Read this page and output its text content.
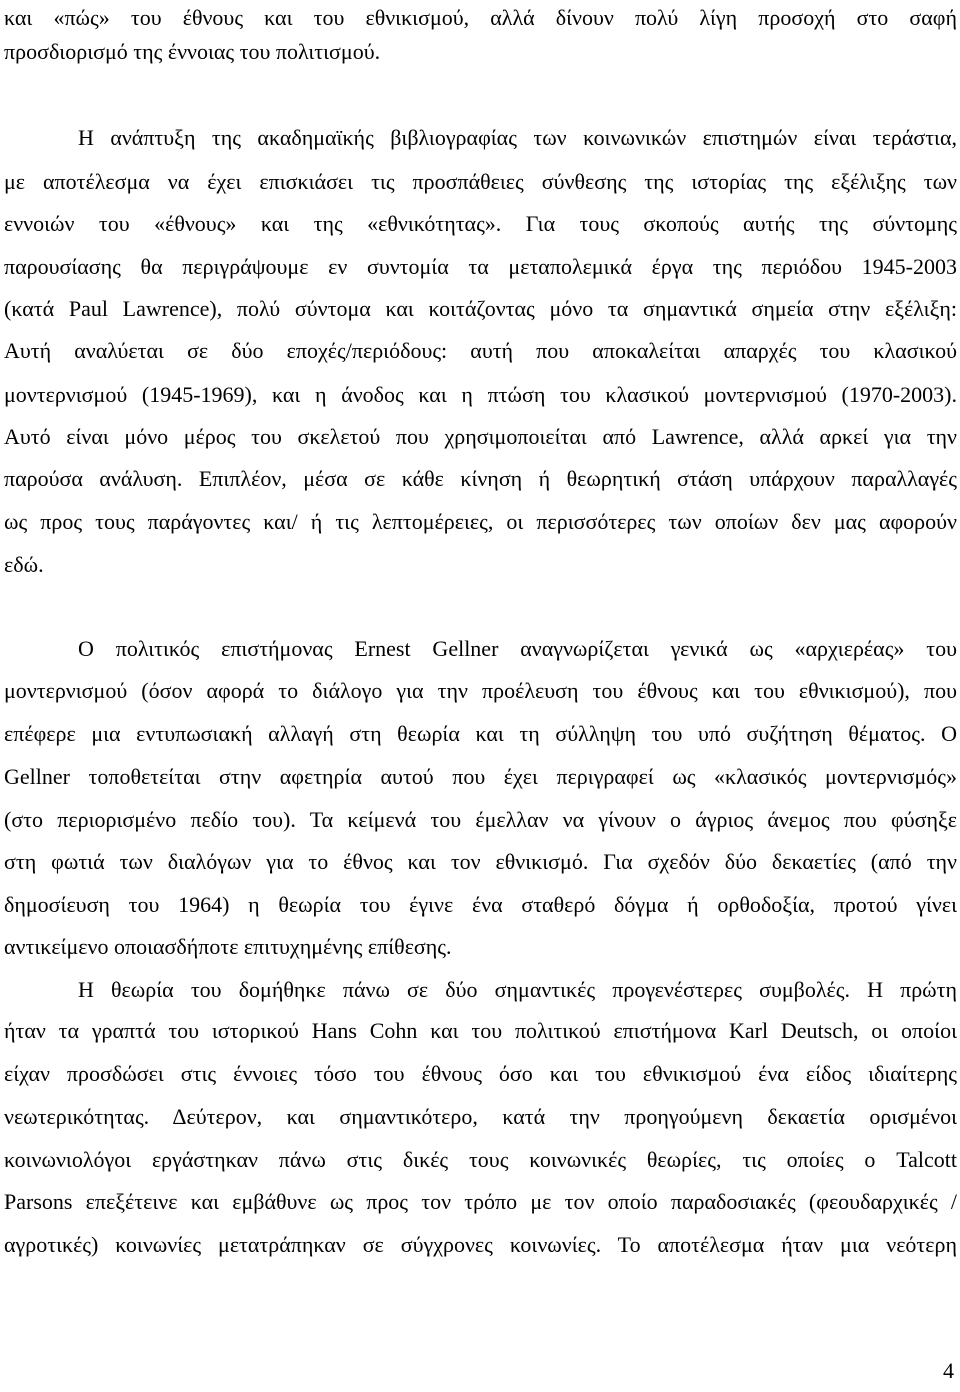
και «πώς» του έθνους και του εθνικισμού, αλλά δίνουν πολύ λίγη προσοχή στο σαφή
προσδιορισμό της έννοιας του πολιτισμού.
Η ανάπτυξη της ακαδημαϊκής βιβλιογραφίας των κοινωνικών επιστημών είναι τεράστια,
με αποτέλεσμα να έχει επισκιάσει τις προσπάθειες σύνθεσης της ιστορίας της εξέλιξης των
εννοιών του «έθνους» και της «εθνικότητας». Για τους σκοπούς αυτής της σύντομης
παρουσίασης θα περιγράψουμε εν συντομία τα μεταπολεμικά έργα της περιόδου 1945-2003
(κατά Paul Lawrence), πολύ σύντομα και κοιτάζοντας μόνο τα σημαντικά σημεία στην εξέλιξη:
Αυτή αναλύεται σε δύο εποχές/περιόδους: αυτή που αποκαλείται απαρχές του κλασικού
μοντερνισμού (1945-1969), και η άνοδος και η πτώση του κλασικού μοντερνισμού (1970-2003).
Αυτό είναι μόνο μέρος του σκελετού που χρησιμοποιείται από Lawrence, αλλά αρκεί για την
παρούσα ανάλυση. Επιπλέον, μέσα σε κάθε κίνηση ή θεωρητική στάση υπάρχουν παραλλαγές
ως προς τους παράγοντες και/ ή τις λεπτομέρειες, οι περισσότερες των οποίων δεν μας αφορούν
εδώ.
Ο πολιτικός επιστήμονας Ernest Gellner αναγνωρίζεται γενικά ως «αρχιερέας» του
μοντερνισμού (όσον αφορά το διάλογο για την προέλευση του έθνους και του εθνικισμού), που
επέφερε μια εντυπωσιακή αλλαγή στη θεωρία και τη σύλληψη του υπό συζήτηση θέματος. Ο
Gellner τοποθετείται στην αφετηρία αυτού που έχει περιγραφεί ως «κλασικός μοντερνισμός»
(στο περιορισμένο πεδίο του). Τα κείμενά του έμελλαν να γίνουν ο άγριος άνεμος που φύσηξε
στη φωτιά των διαλόγων για το έθνος και τον εθνικισμό. Για σχεδόν δύο δεκαετίες (από την
δημοσίευση του 1964) η θεωρία του έγινε ένα σταθερό δόγμα ή ορθοδοξία, προτού γίνει
αντικείμενο οποιασδήποτε επιτυχημένης επίθεσης.
Η θεωρία του δομήθηκε πάνω σε δύο σημαντικές προγενέστερες συμβολές. Η πρώτη
ήταν τα γραπτά του ιστορικού Hans Cohn και του πολιτικού επιστήμονα Karl Deutsch, οι οποίοι
είχαν προσδώσει στις έννοιες τόσο του έθνους όσο και του εθνικισμού ένα είδος ιδιαίτερης
νεωτερικότητας. Δεύτερον, και σημαντικότερο, κατά την προηγούμενη δεκαετία ορισμένοι
κοινωνιολόγοι εργάστηκαν πάνω στις δικές τους κοινωνικές θεωρίες, τις οποίες ο Talcott
Parsons επεξέτεινε και εμβάθυνε ως προς τον τρόπο με τον οποίο παραδοσιακές (φεουδαρχικές /
αγροτικές) κοινωνίες μετατράπηκαν σε σύγχρονες κοινωνίες. Το αποτέλεσμα ήταν μια νεότερη
4
